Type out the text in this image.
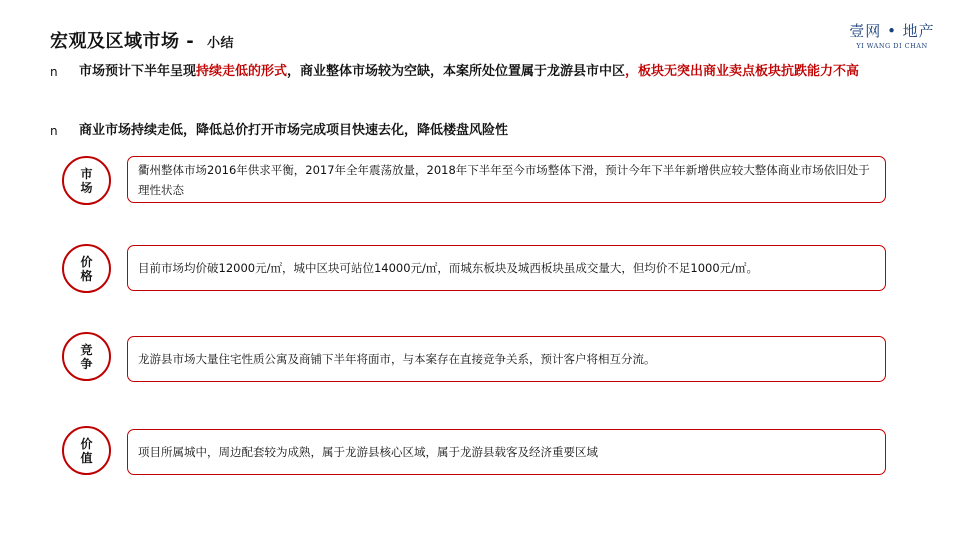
宏观及区域市场 - 小结
壹网 • 地产
YI WANG DI CHAN
n 市场预计下半年呈现持续走低的形式，商业整体市场较为空缺，本案所处位置属于龙游县市中区，板块无突出商业卖点板块抗跌能力不高
n 商业市场持续走低，降低总价打开市场完成项目快速去化，降低楼盘风险性
市场
衢州整体市场2016年供求平衡，2017年全年震荡放量，2018年下半年至今市场整体下滑，预计今年下半年新增供应较大整体商业市场依旧处于理性状态
价格
目前市场均价破12000元/㎡，城中区块可站位14000元/㎡，而城东板块及城西板块虽成交量大，但均价不足1000元/㎡。
竞争	龙游县市场大量住宅性质公寓及商铺下半年将面市，与本案存在直接竞争关系，预计客户将相互分流。
价值	项目所属城中，周边配套较为成熟，属于龙游县核心区域，属于龙游县载客及经济重要区域
